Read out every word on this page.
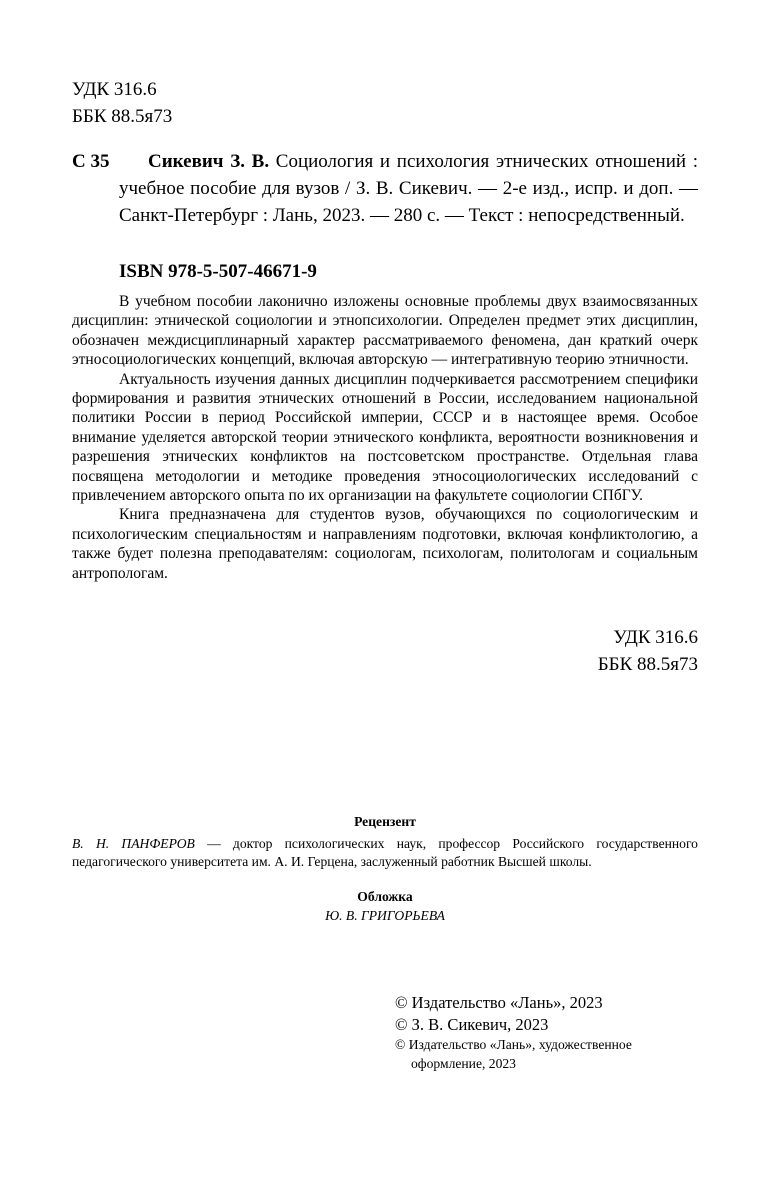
УДК 316.6
ББК 88.5я73
С 35	Сикевич З. В. Социология и психология этнических отношений : учебное пособие для вузов / З. В. Сикевич. — 2-е изд., испр. и доп. — Санкт-Петербург : Лань, 2023. — 280 с. — Текст : непосредственный.
ISBN 978-5-507-46671-9

В учебном пособии лаконично изложены основные проблемы двух взаимосвязанных дисциплин: этнической социологии и этнопсихологии. Определен предмет этих дисциплин, обозначен междисциплинарный характер рассматриваемого феномена, дан краткий очерк этносоциологических концепций, включая авторскую — интегративную теорию этничности.

Актуальность изучения данных дисциплин подчеркивается рассмотрением специфики формирования и развития этнических отношений в России, исследованием национальной политики России в период Российской империи, СССР и в настоящее время. Особое внимание уделяется авторской теории этнического конфликта, вероятности возникновения и разрешения этнических конфликтов на постсоветском пространстве. Отдельная глава посвящена методологии и методике проведения этносоциологических исследований с привлечением авторского опыта по их организации на факультете социологии СПбГУ.

Книга предназначена для студентов вузов, обучающихся по социологическим и психологическим специальностям и направлениям подготовки, включая конфликтологию, а также будет полезна преподавателям: социологам, психологам, политологам и социальным антропологам.

УДК 316.6
ББК 88.5я73
Рецензент
В. Н. ПАНФЕРОВ — доктор психологических наук, профессор Российского государственного педагогического университета им. А. И. Герцена, заслуженный работник Высшей школы.
Обложка
Ю. В. ГРИГОРЬЕВА
© Издательство «Лань», 2023
© З. В. Сикевич, 2023
© Издательство «Лань», художественное
оформление, 2023
